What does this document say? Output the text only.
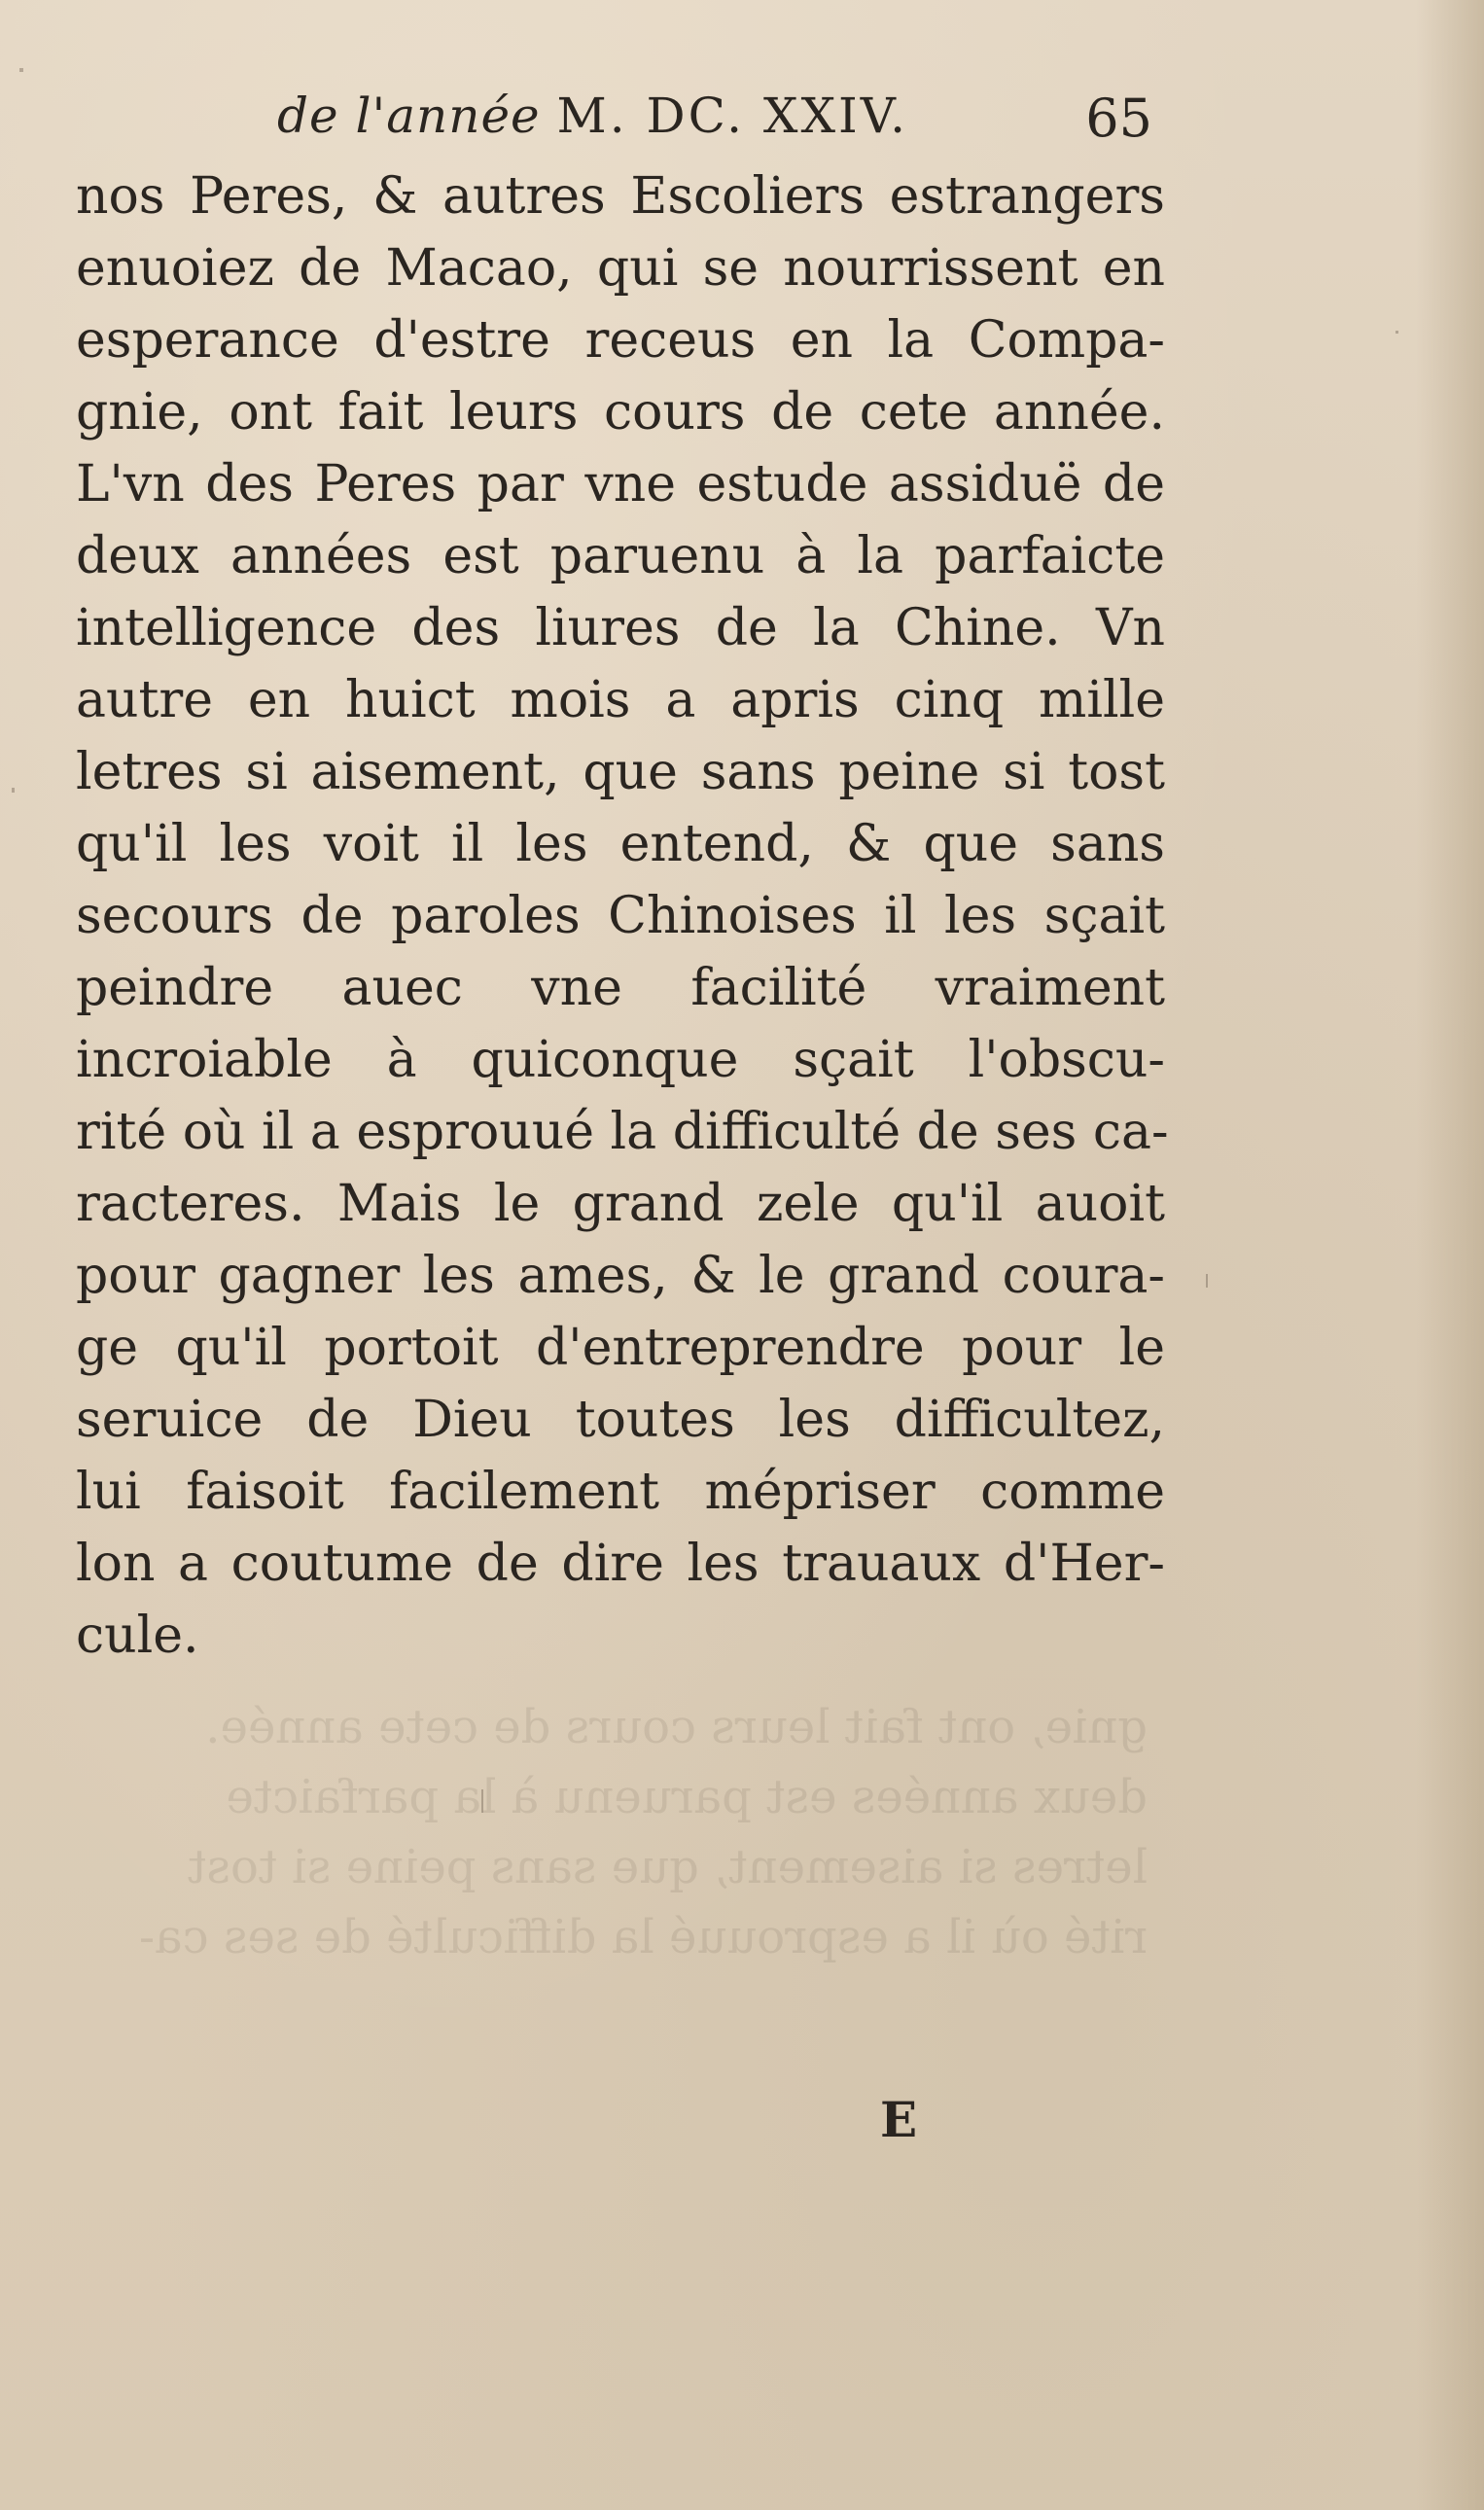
gnie, ont fait leurs cours de cete année.
deux années est paruenu à la parfaicte
letres si aisement, que sans peine si tost
rité où il a esprouué la difficulté de ses ca-
de l'année M. DC. XXIV.	65
nos Peres, & autres Escoliers estrangers
enuoiez de Macao, qui se nourrissent en
esperance d'estre receus en la Compa-
gnie, ont fait leurs cours de cete année.
L'vn des Peres par vne estude assiduë de
deux années est paruenu à la parfaicte
intelligence des liures de la Chine. Vn
autre en huict mois a apris cinq mille
letres si aisement, que sans peine si tost
qu'il les voit il les entend, & que sans
secours de paroles Chinoises il les sçait
peindre auec vne facilité vraiment
incroiable à quiconque sçait l'obscu-
rité où il a esprouué la difficulté de ses ca-
racteres. Mais le grand zele qu'il auoit
pour gagner les ames, & le grand coura-
ge qu'il portoit d'entreprendre pour le
seruice de Dieu toutes les difficultez,
lui faisoit facilement mépriser comme
lon a coutume de dire les trauaux d'Her-
cule.
E
